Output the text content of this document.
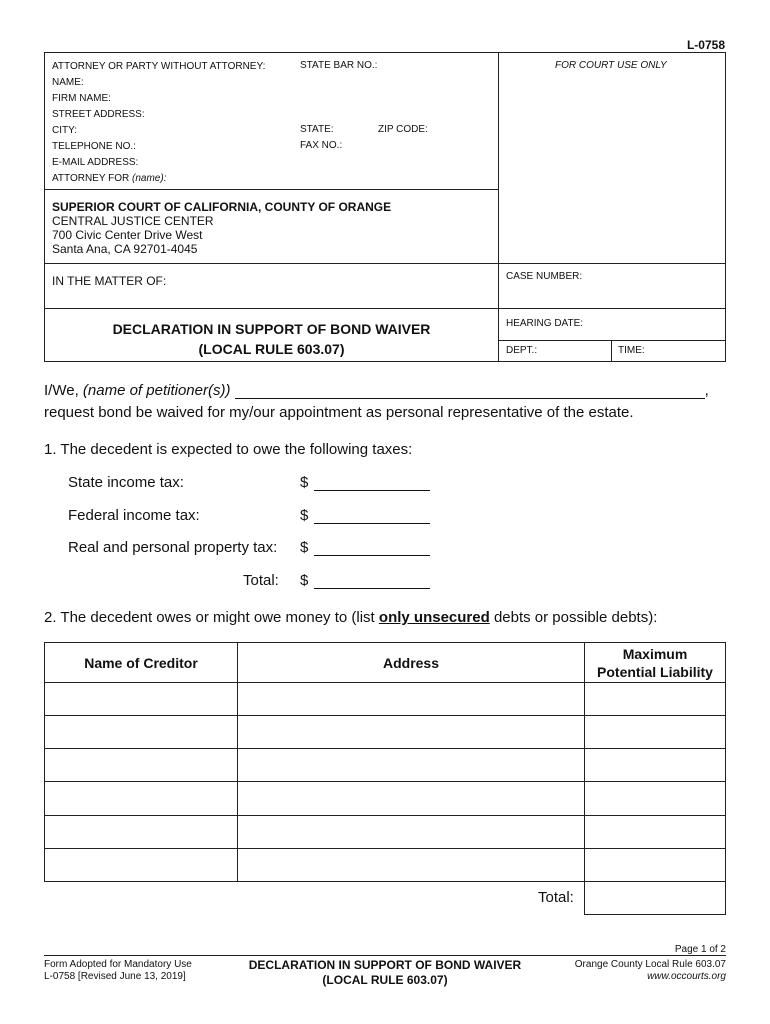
L-0758
ATTORNEY OR PARTY WITHOUT ATTORNEY:	STATE BAR NO.:	FOR COURT USE ONLY
NAME:
FIRM NAME:
STREET ADDRESS:
CITY:	STATE:	ZIP CODE:
TELEPHONE NO.:	FAX NO.:
E-MAIL ADDRESS:
ATTORNEY FOR (name):
SUPERIOR COURT OF CALIFORNIA, COUNTY OF ORANGE
CENTRAL JUSTICE CENTER
700 Civic Center Drive West
Santa Ana, CA 92701-4045
IN THE MATTER OF:	CASE NUMBER:
DECLARATION IN SUPPORT OF BOND WAIVER
(LOCAL RULE 603.07)
HEARING DATE:
DEPT.:	TIME:
I/We, (name of petitioner(s))	,
request bond be waived for my/our appointment as personal representative of the estate.
1. The decedent is expected to owe the following taxes:
State income tax:	$
Federal income tax:	$
Real and personal property tax: $
Total: $
2. The decedent owes or might owe money to (list only unsecured debts or possible debts):
Name of Creditor	Address
Maximum
Potential Liability
Total:
Form Adopted for Mandatory Use
L-0758 [Revised June 13, 2019]
DECLARATION IN SUPPORT OF BOND WAIVER
(LOCAL RULE 603.07)
Page 1 of 2
Orange County Local Rule 603.07
www.occourts.org
